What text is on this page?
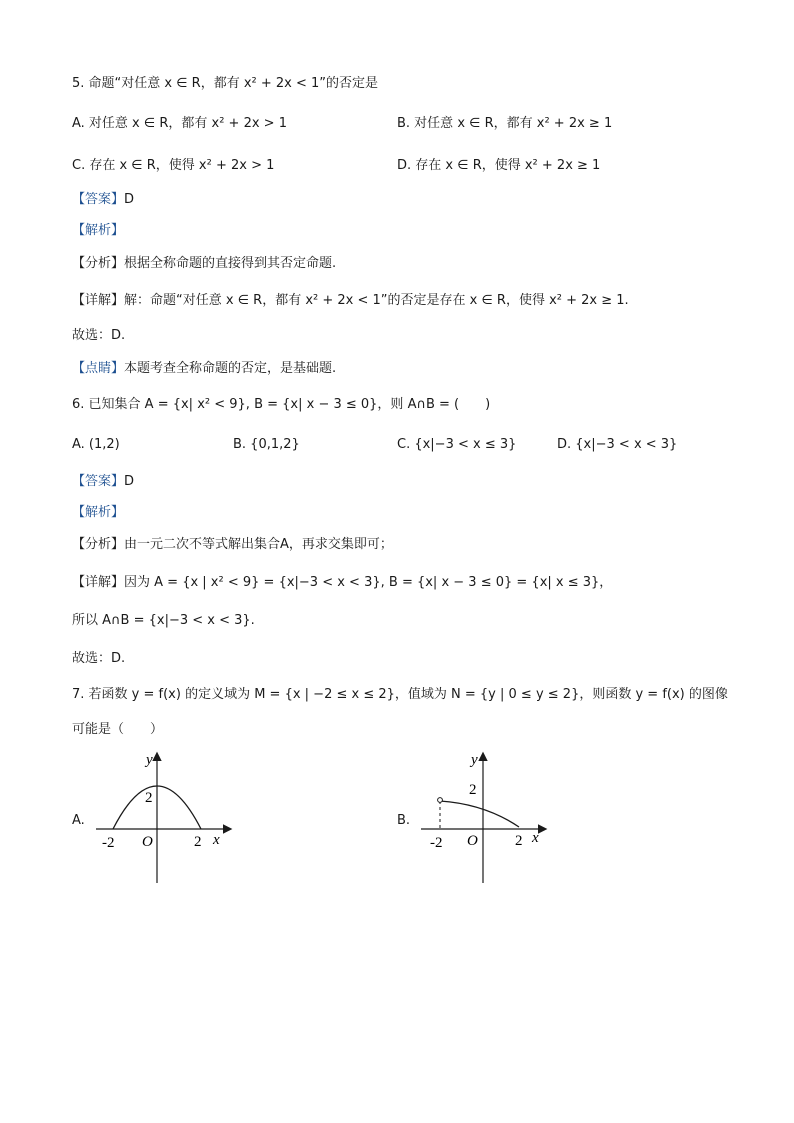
5. 命题“对任意 x ∈ R，都有 x² + 2x < 1”的否定是
A. 对任意 x ∈ R，都有 x² + 2x > 1	B. 对任意 x ∈ R，都有 x² + 2x ≥ 1
C. 存在 x ∈ R，使得 x² + 2x > 1	D. 存在 x ∈ R，使得 x² + 2x ≥ 1
【答案】D
【解析】
【分析】根据全称命题的直接得到其否定命题.
【详解】解：命题“对任意 x ∈ R，都有 x² + 2x < 1”的否定是存在 x ∈ R，使得 x² + 2x ≥ 1.
故选：D.
【点睛】本题考查全称命题的否定，是基础题.
6. 已知集合 A = {x| x² < 9}, B = {x| x − 3 ≤ 0}，则 A∩B = (　　)
A. (1,2)	B. {0,1,2}	C. {x|−3 < x ≤ 3}	D. {x|−3 < x < 3}
【答案】D
【解析】
【分析】由一元二次不等式解出集合A，再求交集即可；
【详解】因为 A = {x | x² < 9} = {x|−3 < x < 3}, B = {x| x − 3 ≤ 0} = {x| x ≤ 3}，
所以 A∩B = {x|−3 < x < 3}.
故选：D.
7. 若函数 y = f(x) 的定义域为 M = {x | −2 ≤ x ≤ 2}，值域为 N = {y | 0 ≤ y ≤ 2}，则函数 y = f(x) 的图像
可能是（　　）
A.
y
x
O
-2	2
2
B.
y
x
O
-2	2
2
